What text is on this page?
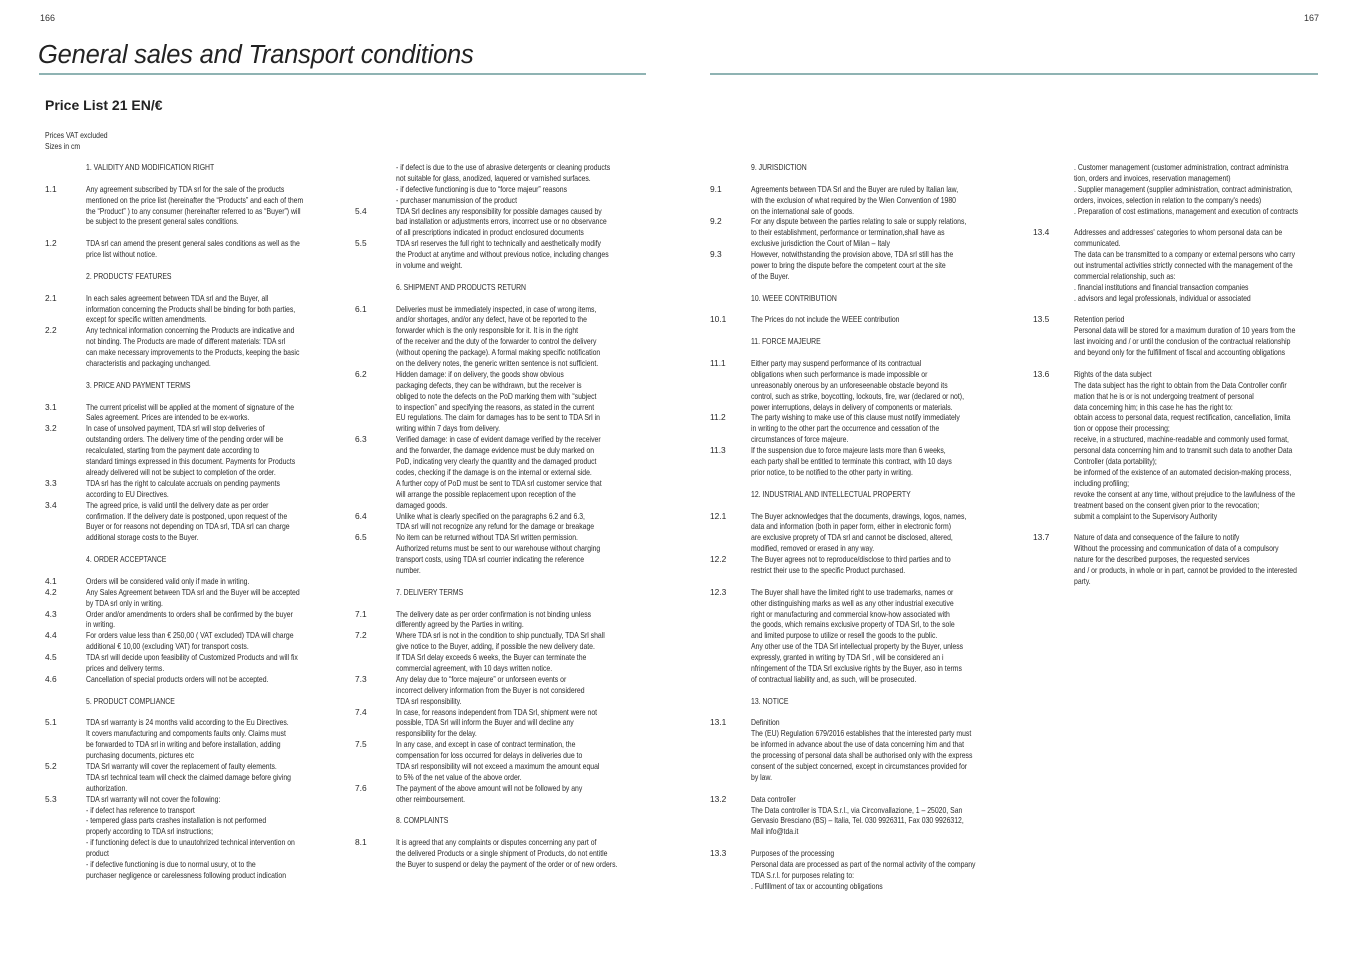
166	167
General sales and Transport conditions
Price List 21 EN/€
Prices VAT excluded
Sizes in cm
1. VALIDITY AND MODIFICATION RIGHT
1.1	Any agreement subscribed by TDA srl for the sale of the products
mentioned on the price list (hereinafter the “Products” and each of them
the “Product” ) to any consumer (hereinafter referred to as “Buyer”) will
be subject to the present general sales conditions.
1.2	TDA srl can amend the present general sales conditions as well as the
price list without notice.
2. PRODUCTS' FEATURES
2.1	In each sales agreement between TDA srl and the Buyer, all
information concerning the Products shall be binding for both parties,
except for specific written amendments.
2.2	Any technical information concerning the Products are indicative and
not binding. The Products are made of different materials: TDA srl
can make necessary improvements to the Products, keeping the basic
characteristis and packaging unchanged.
3. PRICE AND PAYMENT TERMS
3.1	The current pricelist will be applied at the moment of signature of the
Sales agreement. Prices are intended to be ex-works.
3.2	In case of unsolved payment, TDA srl will stop deliveries of
outstanding orders. The delivery time of the pending order will be
recalculated, starting from the payment date according to
standard timings expressed in this document. Payments for Products
already delivered will not be subject to completion of the order.
3.3	TDA srl has the right to calculate accruals on pending payments
according to EU Directives.
3.4	The agreed price, is valid until the delivery date as per order
confirmation. If the delivery date is postponed, upon request of the
Buyer or for reasons not depending on TDA srl, TDA srl can charge
additional storage costs to the Buyer.
4. ORDER ACCEPTANCE
4.1	Orders will be considered valid only if made in writing.
4.2	Any Sales Agreement between TDA srl and the Buyer will be accepted
by TDA srl only in writing.
4.3	Order and/or amendments to orders shall be confirmed by the buyer
in writing.
4.4	For orders value less than € 250,00 ( VAT excluded) TDA will charge
additional € 10,00 (excluding VAT) for transport costs.
4.5	TDA srl will decide upon feasibility of Customized Products and will fix
prices and delivery terms.
4.6	Cancellation of special products orders will not be accepted.
5. PRODUCT COMPLIANCE
5.1	TDA srl warranty is 24 months valid according to the Eu Directives.
It covers manufacturing and compoments faults only. Claims must
be forwarded to TDA srl in writing and before installation, adding
purchasing documents, pictures etc
5.2	TDA Srl warranty will cover the replacement of faulty elements.
TDA srl technical team will check the claimed damage before giving
authorization.
5.3	TDA srl warranty will not cover the following:
- if defect has reference to transport
- tempered glass parts crashes installation is not performed
properly according to TDA srl instructions;
- if functioning defect is due to unautohrized technical intervention on
product
- if defective functioning is due to normal usury, ot to the
purchaser negligence or carelessness following product indication
- if defect is due to the use of abrasive detergents or cleaning products
not suitable for glass, anodized, laquered or varnished surfaces.
- if defective functioning is due to “force majeur” reasons
- purchaser manumission of the product
5.4	TDA Srl declines any responsibility for possible damages caused by
bad installation or adjustments errors, incorrect use or no observance
of all prescriptions indicated in product enclosured documents
5.5	TDA srl reserves the full right to technically and aesthetically modify
the Product at anytime and without previous notice, including changes
in volume and weight.
6. SHIPMENT AND PRODUCTS RETURN
6.1	Deliveries must be immediately inspected, in case of wrong items,
and/or shortages, and/or any defect, have ot be reported to the
forwarder which is the only responsible for it. It is in the right
of the receiver and the duty of the forwarder to control the delivery
(without opening the package). A formal making specific notification
on the delivery notes, the generic written sentence is not sufficient.
6.2	Hidden damage: if on delivery, the goods show obvious
packaging defects, they can be withdrawn, but the receiver is
obliged to note the defects on the PoD marking them with “subject
to inspection” and specifying the reasons, as stated in the current
EU regulations. The claim for damages has to be sent to TDA Srl in
writing within 7 days from delivery.
6.3	Verified damage: in case of evident damage verified by the receiver
and the forwarder, the damage evidence must be duly marked on
PoD, indicating very clearly the quantity and the damaged product
codes, checking if the damage is on the internal or external side.
A further copy of PoD must be sent to TDA srl customer service that
will arrange the possible replacement upon reception of the
damaged goods.
6.4	Unlike what is clearly specified on the paragraphs 6.2 and 6.3,
TDA srl will not recognize any refund for the damage or breakage
6.5	No item can be returned without TDA Srl written permission.
Authorized returns must be sent to our warehouse without charging
transport costs, using TDA srl courrier indicating the reference
number.
7. DELIVERY TERMS
7.1	The delivery date as per order confirmation is not binding unless
differently agreed by the Parties in writing.
7.2	Where TDA srl is not in the condition to ship punctually, TDA Srl shall
give notice to the Buyer, adding, if possible the new delivery date.
If TDA Srl delay exceeds 6 weeks, the Buyer can terminate the
commercial agreement, with 10 days written notice.
7.3	Any delay due to “force majeure” or unforseen events or
incorrect delivery information from the Buyer is not considered
TDA srl responsibility.
7.4	In case, for reasons independent from TDA Srl, shipment were not
possible, TDA Srl will inform the Buyer and will decline any
responsibility for the delay.
7.5	In any case, and except in case of contract termination, the
compensation for loss occurred for delays in deliveries due to
TDA srl responsibility will not exceed a maximum the amount equal
to 5% of the net value of the above order.
7.6	The payment of the above amount will not be followed by any
other reimboursement.
8. COMPLAINTS
8.1	It is agreed that any complaints or disputes concerning any part of
the delivered Products or a single shipment of Products, do not entitle
the Buyer to suspend or delay the payment of the order or of new orders.
9. JURISDICTION
9.1	Agreements between TDA Srl and the Buyer are ruled by Italian law,
with the exclusion of what required by the Wien Convention of 1980
on the international sale of goods.
9.2	For any dispute between the parties relating to sale or supply relations,
to their establishment, performance or termination,shall have as
exclusive jurisdiction the Court of Milan – Italy
9.3	However, notwithstanding the provision above, TDA srl still has the
power to bring the dispute before the competent court at the site
of the Buyer.
10. WEEE CONTRIBUTION
10.1	The Prices do not include the WEEE contribution
11. FORCE MAJEURE
11.1	Either party may suspend performance of its contractual
obligations when such performance is made impossible or
unreasonably onerous by an unforeseenable obstacle beyond its
control, such as strike, boycotting, lockouts, fire, war (declared or not),
power interruptions, delays in delivery of components or materials.
11.2	The party wishing to make use of this clause must notify immediately
in writing to the other part the occurrence and cessation of the
circumstances of force majeure.
11.3	If the suspension due to force majeure lasts more than 6 weeks,
each party shall be entitled to terminate this contract, with 10 days
prior notice, to be notified to the other party in writing.
12. INDUSTRIAL AND INTELLECTUAL PROPERTY
12.1	The Buyer acknowledges that the documents, drawings, logos, names,
data and information (both in paper form, either in electronic form)
are exclusive proprety of TDA srl and cannot be disclosed, altered,
modified, removed or erased in any way.
12.2	The Buyer agrees not to reproduce/disclose to third parties and to
restrict their use to the specific Product purchased.
12.3	The Buyer shall have the limited right to use trademarks, names or
other distinguishing marks as well as any other industrial executive
right or manufacturing and commercial know-how associated with
the goods, which remains exclusive property of TDA Srl, to the sole
and limited purpose to utilize or resell the goods to the public.
Any other use of the TDA Srl intellectual property by the Buyer, unless
expressly, granted in writing by TDA Srl , will be considered an i
nfringement of the TDA Srl exclusive rights by the Buyer, aso in terms
of contractual liability and, as such, will be prosecuted.
13. NOTICE
13.1	Definition
The (EU) Regulation 679/2016 establishes that the interested party must
be informed in advance about the use of data concerning him and that
the processing of personal data shall be authorised only with the express
consent of the subject concerned, except in circumstances provided for
by law.
13.2	Data controller
The Data controller is TDA S.r.l., via Circonvallazione, 1 – 25020, San
Gervasio Bresciano (BS) – Italia, Tel. 030 9926311, Fax 030 9926312,
Mail info@tda.it
13.3	Purposes of the processing
Personal data are processed as part of the normal activity of the company
TDA S.r.l. for purposes relating to:
. Fulfillment of tax or accounting obligations
. Customer management (customer administration, contract administra
tion, orders and invoices, reservation management)
. Supplier management (supplier administration, contract administration,
orders, invoices, selection in relation to the company's needs)
. Preparation of cost estimations, management and execution of contracts
13.4	Addresses and addresses' categories to whom personal data can be
communicated.
The data can be transmitted to a company or external persons who carry
out instrumental activities strictly connected with the management of the
commercial relationship, such as:
. financial institutions and financial transaction companies
. advisors and legal professionals, individual or associated
13.5	Retention period
Personal data will be stored for a maximum duration of 10 years from the
last invoicing and / or until the conclusion of the contractual relationship
and beyond only for the fulfillment of fiscal and accounting obligations
13.6	Rights of the data subject
The data subject has the right to obtain from the Data Controller confir
mation that he is or is not undergoing treatment of personal
data concerning him; in this case he has the right to:
obtain access to personal data, request rectification, cancellation, limita
tion or oppose their processing;
receive, in a structured, machine-readable and commonly used format,
personal data concerning him and to transmit such data to another Data
Controller (data portability);
be informed of the existence of an automated decision-making process,
including profiling;
revoke the consent at any time, without prejudice to the lawfulness of the
treatment based on the consent given prior to the revocation;
submit a complaint to the Supervisory Authority
13.7	Nature of data and consequence of the failure to notify
Without the processing and communication of data of a compulsory
nature for the described purposes, the requested services
and / or products, in whole or in part, cannot be provided to the interested
party.
